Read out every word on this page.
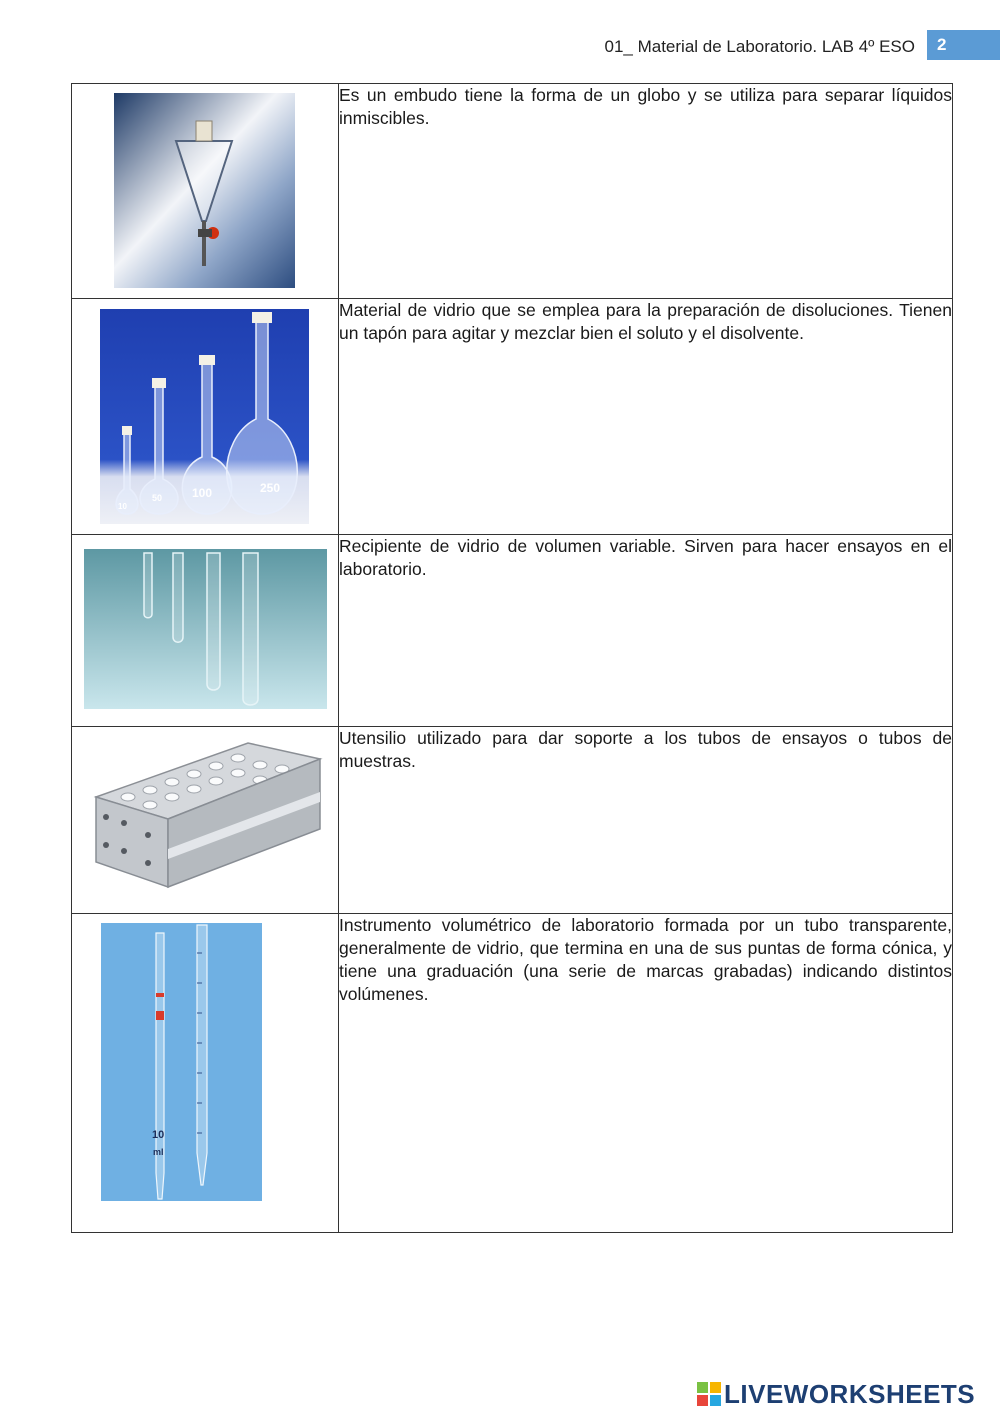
01_ Material de Laboratorio. LAB 4º ESO	2
	Es un embudo tiene la forma de un globo y se utiliza para separar líquidos inmiscibles.

10
50 100 250	Material de vidrio que se emplea para la preparación de disoluciones. Tienen un tapón para agitar y mezclar bien el soluto y el disolvente.

	Recipiente de vidrio de volumen variable. Sirven para hacer ensayos en el laboratorio.

	Utensilio utilizado para dar soporte a los tubos de ensayos o tubos de muestras.

10
ml	Instrumento volumétrico de laboratorio formada por un tubo transparente, generalmente de vidrio, que termina en una de sus puntas de forma cónica, y tiene una graduación (una serie de marcas grabadas) indicando distintos volúmenes.
LIVEWORKSHEETS
